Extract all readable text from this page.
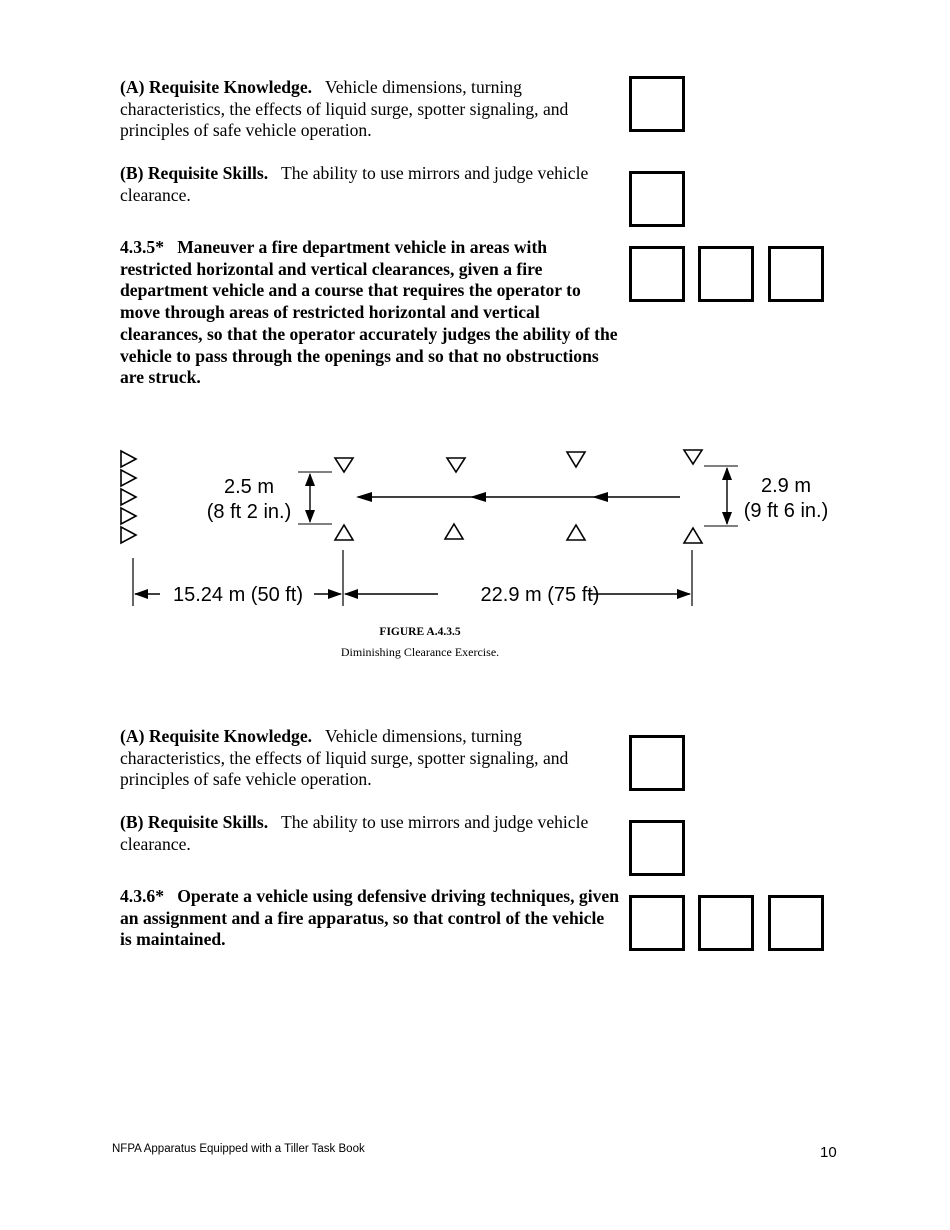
(A) Requisite Knowledge. Vehicle dimensions, turning characteristics, the effects of liquid surge, spotter signaling, and principles of safe vehicle operation.

(B) Requisite Skills. The ability to use mirrors and judge vehicle clearance.

4.3.5* Maneuver a fire department vehicle in areas with restricted horizontal and vertical clearances, given a fire department vehicle and a course that requires the operator to move through areas of restricted horizontal and vertical clearances, so that the operator accurately judges the ability of the vehicle to pass through the openings and so that no obstructions are struck.

2.5 m
(8 ft 2 in.)
2.9 m
(9 ft 6 in.)
15.24 m (50 ft)	22.9 m (75 ft)
FIGURE A.4.3.5
Diminishing Clearance Exercise.

(A) Requisite Knowledge. Vehicle dimensions, turning characteristics, the effects of liquid surge, spotter signaling, and principles of safe vehicle operation.

(B) Requisite Skills. The ability to use mirrors and judge vehicle clearance.

4.3.6* Operate a vehicle using defensive driving techniques, given an assignment and a fire apparatus, so that control of the vehicle is maintained.

NFPA Apparatus Equipped with a Tiller Task Book	10
